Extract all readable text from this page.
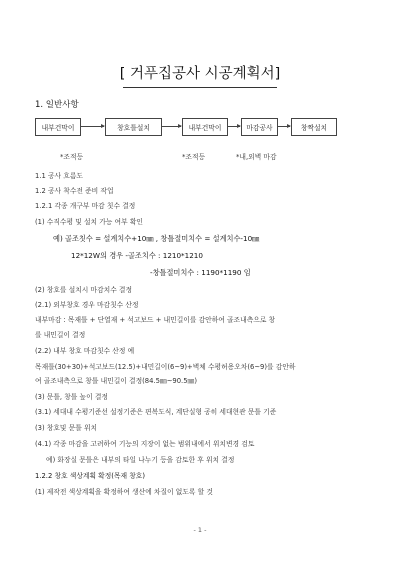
[ 거푸집공사 시공계획서]
1. 일반사항
내부건막이	창호틀설치	내부건막이	마감공사	창짝설치
*조적등	*조적등	*내,외벽 마감
1.1 공사 흐름도
1.2 공사 착수전 준비 작업
1.2.1 각종 개구부 마감 칫수 결정
(1) 수직수평 및 설치 가능 여부 확인
예) 골조칫수 = 설계치수+10㎜ , 창틀절미치수 = 설계치수-10㎜
12*12W의 경우 -골조치수 : 1210*1210
-창틀절미치수 : 1190*1190 임
(2) 창호를 설치시 마감치수 결정
(2.1) 외부창호 경우 마감칫수 산정
내부마감 : 목재틀 + 단열재 + 석고보드 + 내민길이를 감안하여 골조내측으로 창
를 내민길이 결정
(2.2) 내부 창호 마감칫수 산정 예
목재틀(30+30)+석고보드(12.5)+내민길이(6~9)+벽체 수평허용오차(6~9)를 감안하
여 골조내측으로 창틀 내민길이 결정(84.5㎜~90.5㎜)
(3) 문틀, 창틀 높이 결정
(3.1) 세대내 수평기준선 설정기준은 편복도식, 계단실형 공히 세대현관 문틀 기준
(3) 창호및 문틀 위치
(4.1) 각종 마감을 고려하여 기능의 지장이 없는 범위내에서 위치변경 검토
예) 화장실 문틀은 내부의 타일 나누기 등을 감토한 후 위치 결정
1.2.2 창호 색상계획 확정(목재 창호)
(1) 제작전 색상계획을 확정하여 생산에 차질이 없도록 할 것
- 1 -
